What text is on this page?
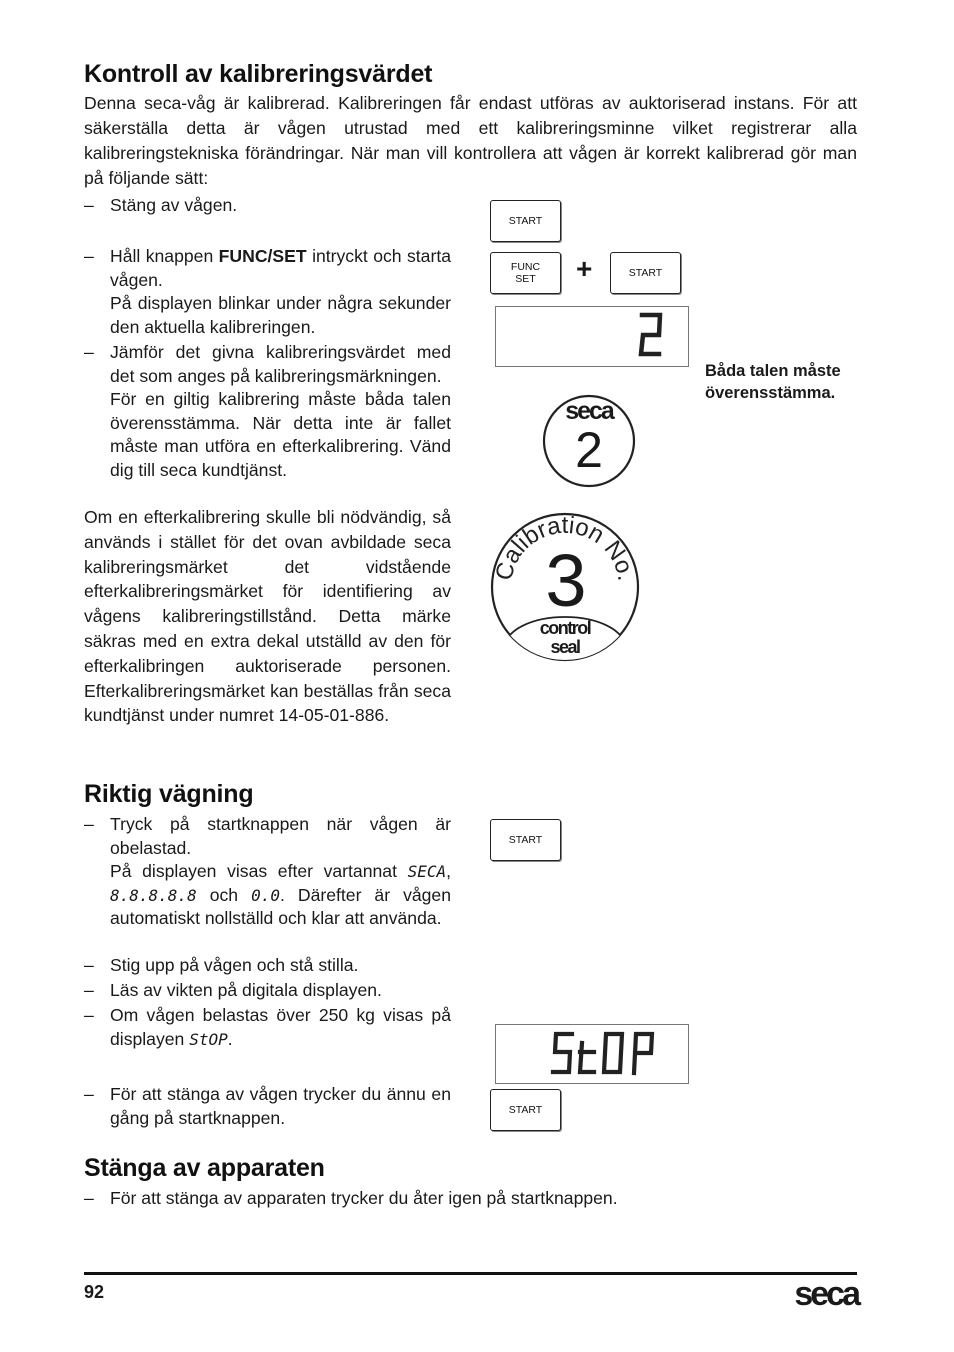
Kontroll av kalibreringsvärdet
Denna seca-våg är kalibrerad. Kalibreringen får endast utföras av auktoriserad instans. För att säkerställa detta är vågen utrustad med ett kalibreringsminne vilket registrerar alla kalibreringstekniska förändringar. När man vill kontrollera att vågen är korrekt kalibrerad gör man på följande sätt:
– Stäng av vågen.
– Håll knappen FUNC/SET intryckt och starta vågen.
På displayen blinkar under några sekunder den aktuella kalibreringen.
– Jämför det givna kalibreringsvärdet med det som anges på kalibreringsmärkningen.
För en giltig kalibrering måste båda talen överensstämma. När detta inte är fallet måste man utföra en efterkalibrering. Vänd dig till seca kundtjänst.
Om en efterkalibrering skulle bli nödvändig, så används i stället för det ovan avbildade seca kalibreringsmärket det vidstående efterkalibreringsmärket för identifiering av vågens kalibreringstillstånd. Detta märke säkras med en extra dekal utställd av den för efterkalibringen auktoriserade personen. Efterkalibreringsmärket kan beställas från seca kundtjänst under numret 14-05-01-886.
START
FUNC
SET +	START
Båda talen måste överensstämma.
seca
2
Calibration No.
3
control
seal
Riktig vägning
– Tryck på startknappen när vågen är obelastad.
På displayen visas efter vartannat SECA, 8.8.8.8.8 och 0.0. Därefter är vågen automatiskt nollställd och klar att använda.
– Stig upp på vågen och stå stilla.
– Läs av vikten på digitala displayen.
– Om vågen belastas över 250 kg visas på displayen StOP.
– För att stänga av vågen trycker du ännu en gång på startknappen.
START
START
Stänga av apparaten
– För att stänga av apparaten trycker du åter igen på startknappen.
92	seca
